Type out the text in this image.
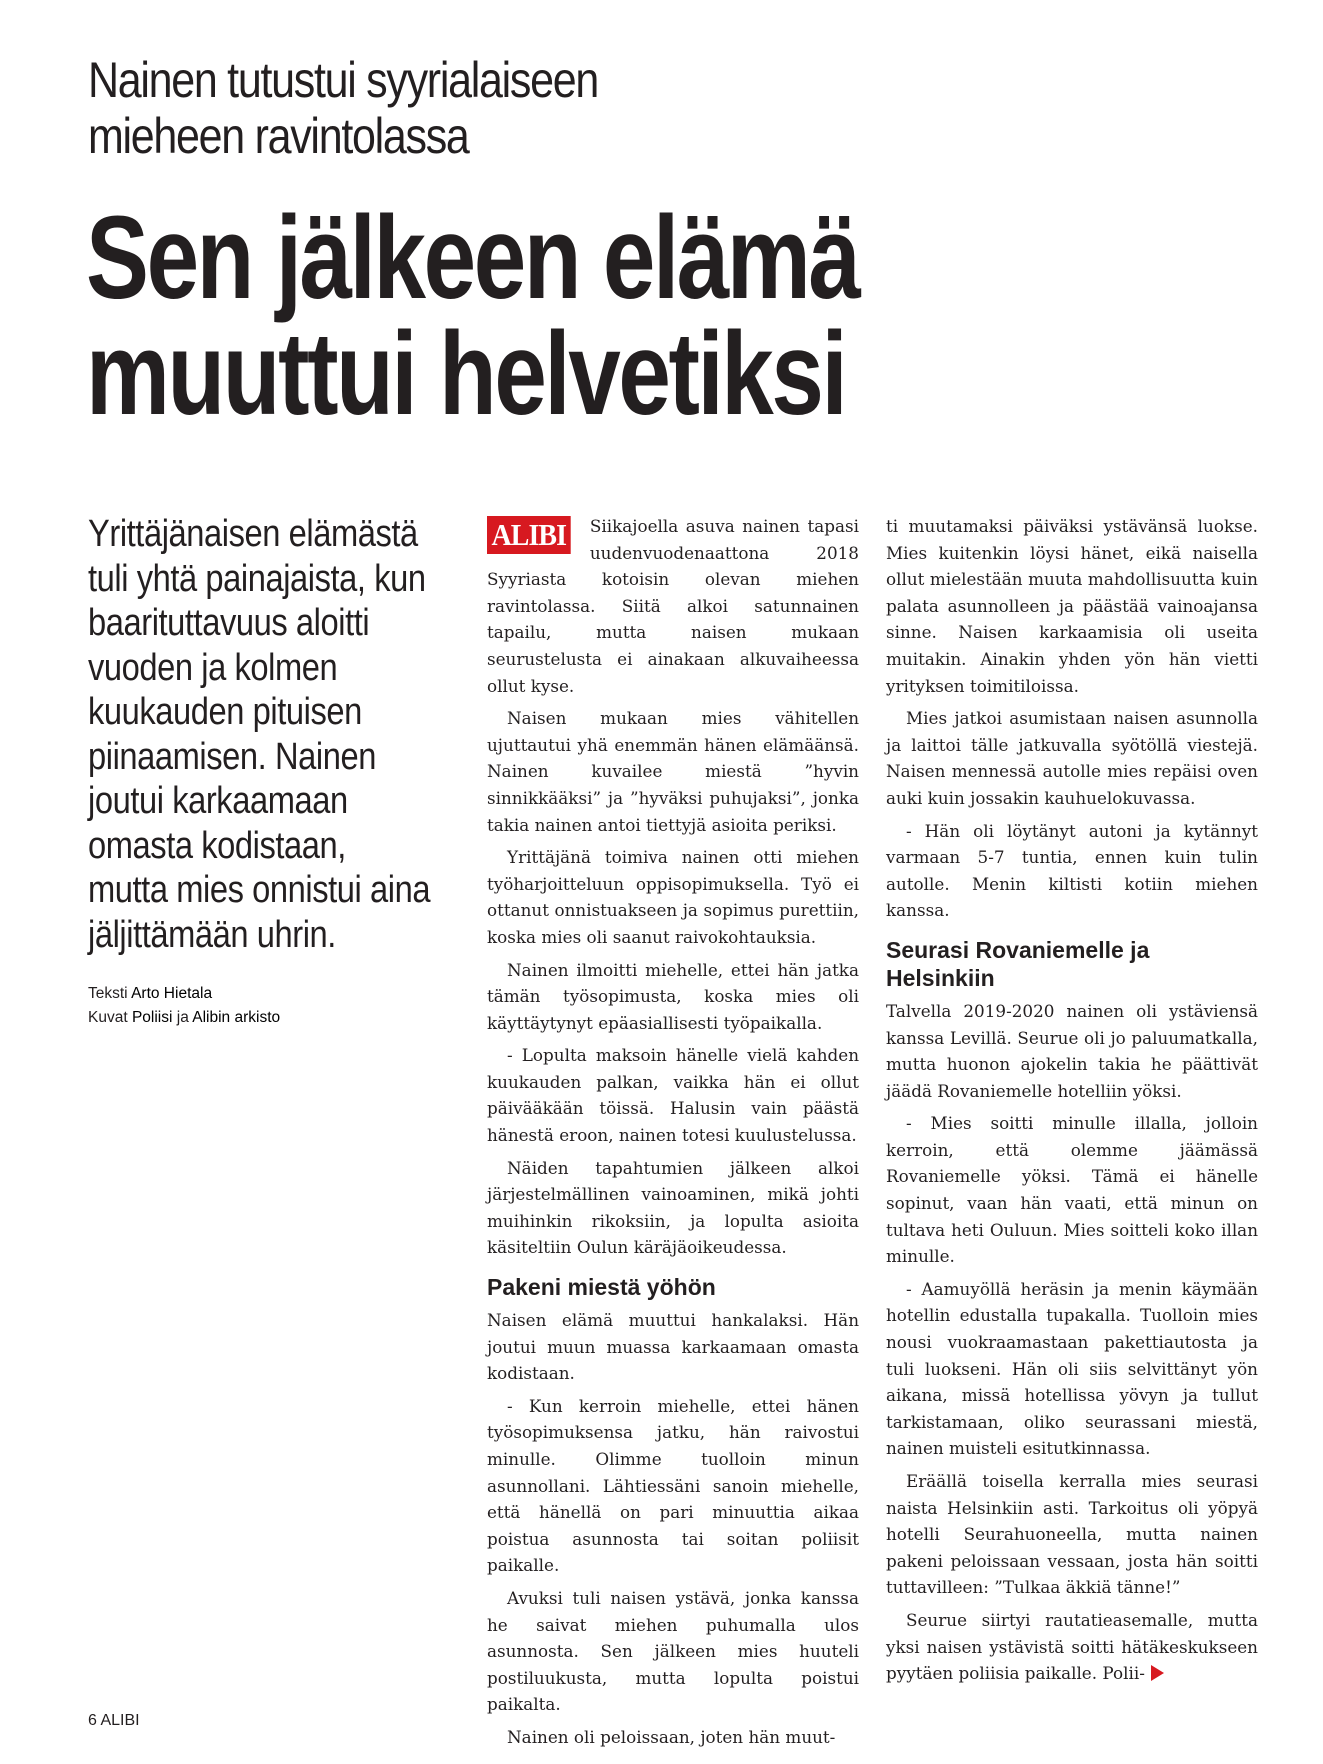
Nainen tutustui syyrialaiseen
mieheen ravintolassa
Sen jälkeen elämä
muuttui helvetiksi
Yrittäjänaisen elämästä tuli yhtä painajaista, kun baarituttavuus aloitti vuoden ja kolmen kuukauden pituisen piinaamisen. Nainen joutui karkaamaan omasta kodistaan, mutta mies onnistui aina jäljittämään uhrin.
Teksti Arto Hietala
Kuvat Poliisi ja Alibin arkisto
ALIBI	Siikajoella asuva nainen tapasi uudenvuodenaattona 2018 Syyriasta kotoisin olevan miehen ravintolassa. Siitä alkoi satunnainen tapailu, mutta naisen mukaan seurustelusta ei ainakaan alkuvaiheessa ollut kyse.

Naisen mukaan mies vähitellen ujuttautui yhä enemmän hänen elämäänsä. Nainen kuvailee miestä ”hyvin sinnikkääksi” ja ”hyväksi puhujaksi”, jonka takia nainen antoi tiettyjä asioita periksi.

Yrittäjänä toimiva nainen otti miehen työharjoitteluun oppisopimuksella. Työ ei ottanut onnistuakseen ja sopimus purettiin, koska mies oli saanut raivokohtauksia.

Nainen ilmoitti miehelle, ettei hän jatka tämän työsopimusta, koska mies oli käyttäytynyt epäasiallisesti työpaikalla.

- Lopulta maksoin hänelle vielä kahden kuukauden palkan, vaikka hän ei ollut päivääkään töissä. Halusin vain päästä hänestä eroon, nainen totesi kuulustelussa.

Näiden tapahtumien jälkeen alkoi järjestelmällinen vainoaminen, mikä johti muihinkin rikoksiin, ja lopulta asioita käsiteltiin Oulun käräjäoikeudessa.

Pakeni miestä yöhön

Naisen elämä muuttui hankalaksi. Hän joutui muun muassa karkaamaan omasta kodistaan.

- Kun kerroin miehelle, ettei hänen työsopimuksensa jatku, hän raivostui minulle. Olimme tuolloin minun asunnollani. Lähtiessäni sanoin miehelle, että hänellä on pari minuuttia aikaa poistua asunnosta tai soitan poliisit paikalle.

Avuksi tuli naisen ystävä, jonka kanssa he saivat miehen puhumalla ulos asunnosta. Sen jälkeen mies huuteli postiluukusta, mutta lopulta poistui paikalta.

Nainen oli peloissaan, joten hän muut-

ti muutamaksi päiväksi ystävänsä luokse. Mies kuitenkin löysi hänet, eikä naisella ollut mielestään muuta mahdollisuutta kuin palata asunnolleen ja päästää vainoajansa sinne. Naisen karkaamisia oli useita muitakin. Ainakin yhden yön hän vietti yrityksen toimitiloissa.

Mies jatkoi asumistaan naisen asunnolla ja laittoi tälle jatkuvalla syötöllä viestejä. Naisen mennessä autolle mies repäisi oven auki kuin jossakin kauhuelokuvassa.

- Hän oli löytänyt autoni ja kytännyt varmaan 5-7 tuntia, ennen kuin tulin autolle. Menin kiltisti kotiin miehen kanssa.

Seurasi Rovaniemelle ja Helsinkiin

Talvella 2019-2020 nainen oli ystäviensä kanssa Levillä. Seurue oli jo paluumatkalla, mutta huonon ajokelin takia he päättivät jäädä Rovaniemelle hotelliin yöksi.

- Mies soitti minulle illalla, jolloin kerroin, että olemme jäämässä Rovaniemelle yöksi. Tämä ei hänelle sopinut, vaan hän vaati, että minun on tultava heti Ouluun. Mies soitteli koko illan minulle.

- Aamuyöllä heräsin ja menin käymään hotellin edustalla tupakalla. Tuolloin mies nousi vuokraamastaan pakettiautosta ja tuli luokseni. Hän oli siis selvittänyt yön aikana, missä hotellissa yövyn ja tullut tarkistamaan, oliko seurassani miestä, nainen muisteli esitutkinnassa.

Eräällä toisella kerralla mies seurasi naista Helsinkiin asti. Tarkoitus oli yöpyä hotelli Seurahuoneella, mutta nainen pakeni peloissaan vessaan, josta hän soitti tuttavilleen: ”Tulkaa äkkiä tänne!”

Seurue siirtyi rautatieasemalle, mutta yksi naisen ystävistä soitti hätäkeskukseen pyytäen poliisia paikalle. Polii-

6 ALIBI
